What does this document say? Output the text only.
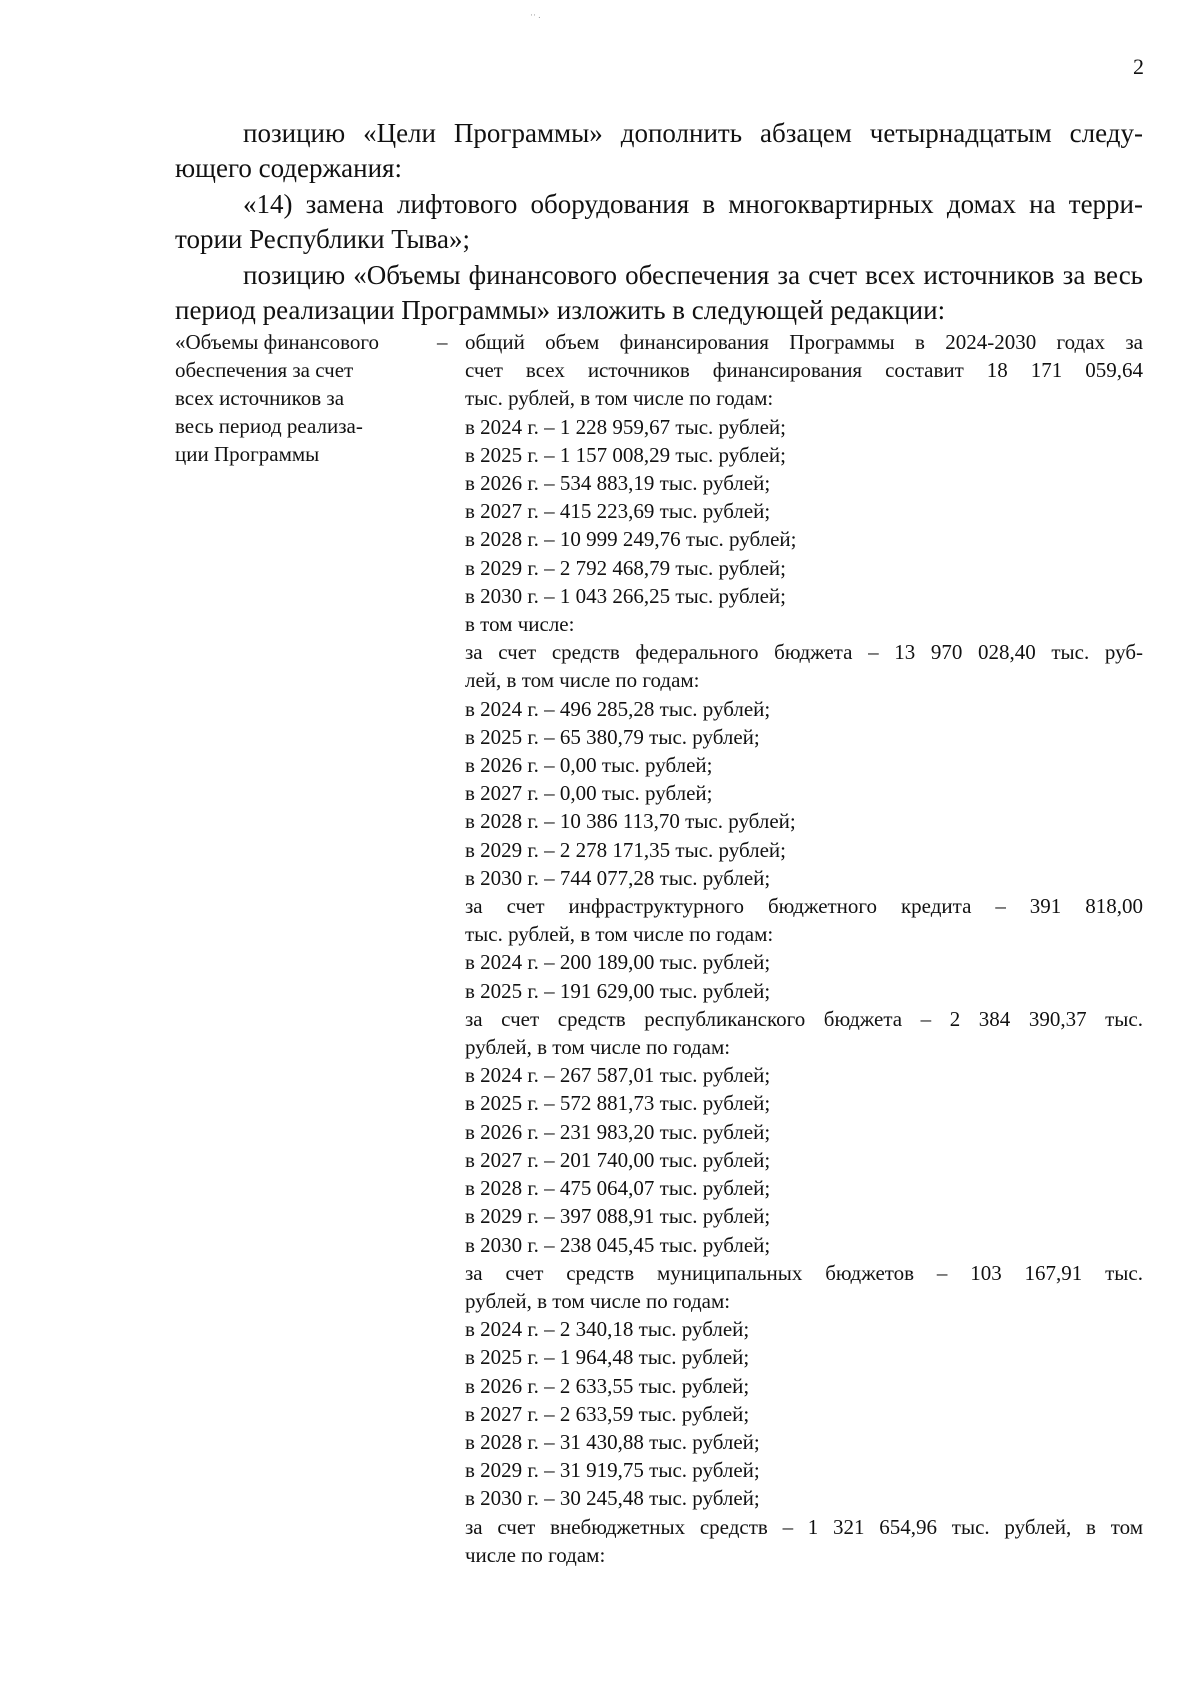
·· .
2

позицию «Цели Программы» дополнить абзацем четырнадцатым следу-ющего содержания:

«14) замена лифтового оборудования в многоквартирных домах на терри-тории Республики Тыва»;

позицию «Объемы финансового обеспечения за счет всех источников за весь период реализации Программы» изложить в следующей редакции:

«Объемы финансового
обеспечения за счет
всех источников за
весь период реализа-
ции Программы
– общий объем финансирования Программы в 2024-2030 годах за
счет всех источников финансирования составит 18 171 059,64
тыс. рублей, в том числе по годам:
в 2024 г. – 1 228 959,67 тыс. рублей;
в 2025 г. – 1 157 008,29 тыс. рублей;
в 2026 г. – 534 883,19 тыс. рублей;
в 2027 г. – 415 223,69 тыс. рублей;
в 2028 г. – 10 999 249,76 тыс. рублей;
в 2029 г. – 2 792 468,79 тыс. рублей;
в 2030 г. – 1 043 266,25 тыс. рублей;
в том числе:
за счет средств федерального бюджета – 13 970 028,40 тыс. руб-
лей, в том числе по годам:
в 2024 г. – 496 285,28 тыс. рублей;
в 2025 г. – 65 380,79 тыс. рублей;
в 2026 г. – 0,00 тыс. рублей;
в 2027 г. – 0,00 тыс. рублей;
в 2028 г. – 10 386 113,70 тыс. рублей;
в 2029 г. – 2 278 171,35 тыс. рублей;
в 2030 г. – 744 077,28 тыс. рублей;
за счет инфраструктурного бюджетного кредита – 391 818,00
тыс. рублей, в том числе по годам:
в 2024 г. – 200 189,00 тыс. рублей;
в 2025 г. – 191 629,00 тыс. рублей;
за счет средств республиканского бюджета – 2 384 390,37 тыс.
рублей, в том числе по годам:
в 2024 г. – 267 587,01 тыс. рублей;
в 2025 г. – 572 881,73 тыс. рублей;
в 2026 г. – 231 983,20 тыс. рублей;
в 2027 г. – 201 740,00 тыс. рублей;
в 2028 г. – 475 064,07 тыс. рублей;
в 2029 г. – 397 088,91 тыс. рублей;
в 2030 г. – 238 045,45 тыс. рублей;
за счет средств муниципальных бюджетов – 103 167,91 тыс.
рублей, в том числе по годам:
в 2024 г. – 2 340,18 тыс. рублей;
в 2025 г. – 1 964,48 тыс. рублей;
в 2026 г. – 2 633,55 тыс. рублей;
в 2027 г. – 2 633,59 тыс. рублей;
в 2028 г. – 31 430,88 тыс. рублей;
в 2029 г. – 31 919,75 тыс. рублей;
в 2030 г. – 30 245,48 тыс. рублей;
за счет внебюджетных средств – 1 321 654,96 тыс. рублей, в том
числе по годам:
